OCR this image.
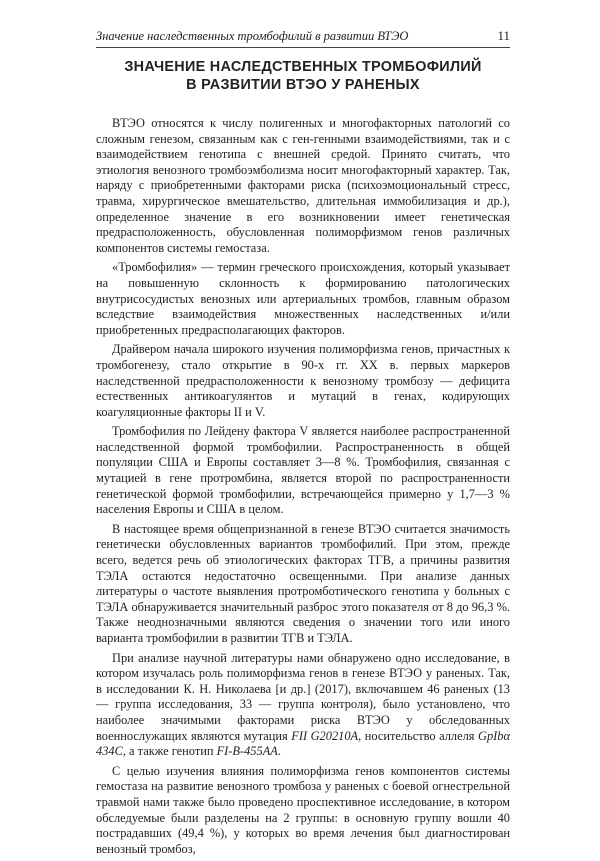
Значение наследственных тромбофилий в развитии ВТЭО	11
ЗНАЧЕНИЕ НАСЛЕДСТВЕННЫХ ТРОМБОФИЛИЙ
В РАЗВИТИИ ВТЭО У РАНЕНЫХ

ВТЭО относятся к числу полигенных и многофакторных патологий со сложным генезом, связанным как с ген-генными взаимодействиями, так и с взаимодействием генотипа с внешней средой. Принято считать, что этиология венозного тромбоэмболизма носит многофакторный характер. Так, наряду с приобретенными факторами риска (психоэмоциональный стресс, травма, хирургическое вмешательство, длительная иммобилизация и др.), определенное значение в его возникновении имеет генетическая предрасположенность, обусловленная полиморфизмом генов различных компонентов системы гемостаза.

«Тромбофилия» — термин греческого происхождения, который указывает на повышенную склонность к формированию патологических внутрисосудистых венозных или артериальных тромбов, главным образом вследствие взаимодействия множественных наследственных и/или приобретенных предрасполагающих факторов.

Драйвером начала широкого изучения полиморфизма генов, причастных к тромбогенезу, стало открытие в 90-х гг. XX в. первых маркеров наследственной предрасположенности к венозному тромбозу — дефицита естественных антикоагулянтов и мутаций в генах, кодирующих коагуляционные факторы II и V.

Тромбофилия по Лейдену фактора V является наиболее распространенной наследственной формой тромбофилии. Распространенность в общей популяции США и Европы составляет 3—8 %. Тромбофилия, связанная с мутацией в гене протромбина, является второй по распространенности генетической формой тромбофилии, встречающейся примерно у 1,7—3 % населения Европы и США в целом.

В настоящее время общепризнанной в генезе ВТЭО считается значимость генетически обусловленных вариантов тромбофилий. При этом, прежде всего, ведется речь об этиологических факторах ТГВ, а причины развития ТЭЛА остаются недостаточно освещенными. При анализе данных литературы о частоте выявления протромботического генотипа у больных с ТЭЛА обнаруживается значительный разброс этого показателя от 8 до 96,3 %. Также неоднозначными являются сведения о значении того или иного варианта тромбофилии в развитии ТГВ и ТЭЛА.

При анализе научной литературы нами обнаружено одно исследование, в котором изучалась роль полиморфизма генов в генезе ВТЭО у раненых. Так, в исследовании К. Н. Николаева [и др.] (2017), включавшем 46 раненых (13 — группа исследования, 33 — группа контроля), было установлено, что наиболее значимыми факторами риска ВТЭО у обследованных военнослужащих являются мутация FII G20210A, носительство аллеля GpIbα 434C, а также генотип FI-B-455AA.

С целью изучения влияния полиморфизма генов компонентов системы гемостаза на развитие венозного тромбоза у раненых с боевой огнестрельной травмой нами также было проведено проспективное исследование, в котором обследуемые были разделены на 2 группы: в основную группу вошли 40 пострадавших (49,4 %), у которых во время лечения был диагностирован венозный тромбоз,
